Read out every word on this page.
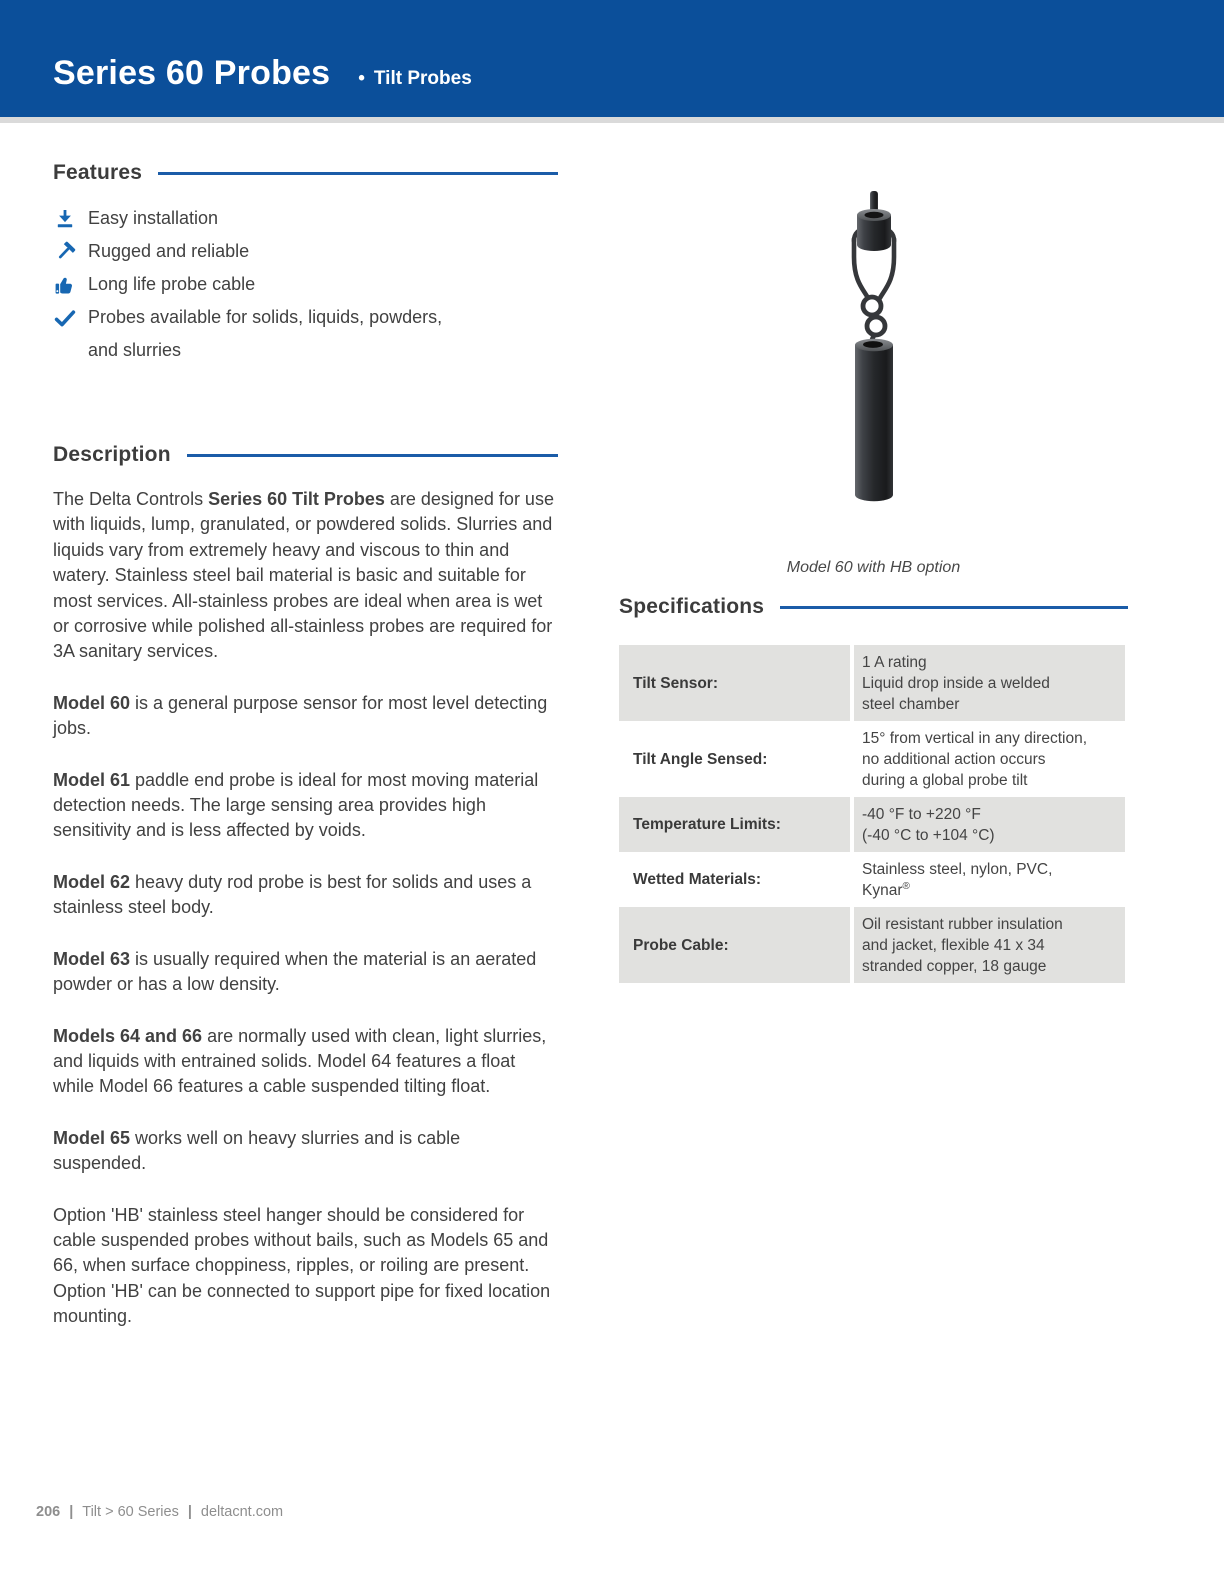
Series 60 Probes • Tilt Probes
Features
Easy installation
Rugged and reliable
Long life probe cable
Probes available for solids, liquids, powders,
and slurries
Description

The Delta Controls Series 60 Tilt Probes are designed for use with liquids, lump, granulated, or powdered solids. Slurries and liquids vary from extremely heavy and viscous to thin and watery. Stainless steel bail material is basic and suitable for most services. All-stainless probes are ideal when area is wet or corrosive while polished all-stainless probes are required for 3A sanitary services.

Model 60 is a general purpose sensor for most level detecting jobs.

Model 61 paddle end probe is ideal for most moving material detection needs. The large sensing area provides high sensitivity and is less affected by voids.

Model 62 heavy duty rod probe is best for solids and uses a stainless steel body.

Model 63 is usually required when the material is an aerated powder or has a low density.

Models 64 and 66 are normally used with clean, light slurries, and liquids with entrained solids. Model 64 features a float while Model 66 features a cable suspended tilting float.

Model 65 works well on heavy slurries and is cable suspended.

Option 'HB' stainless steel hanger should be considered for cable suspended probes without bails, such as Models 65 and 66, when surface choppiness, ripples, or roiling are present. Option 'HB' can be connected to support pipe for fixed location mounting.

Model 60 with HB option
Specifications
Tilt Sensor:
1 A rating
Liquid drop inside a welded
steel chamber
Tilt Angle Sensed:
15° from vertical in any direction,
no additional action occurs
during a global probe tilt
Temperature Limits:
-40 °F to +220 °F
(-40 °C to +104 °C)
Wetted Materials:
Stainless steel, nylon, PVC,
Kynar®
Probe Cable:
Oil resistant rubber insulation
and jacket, flexible 41 x 34
stranded copper, 18 gauge
206 | Tilt > 60 Series | deltacnt.com
